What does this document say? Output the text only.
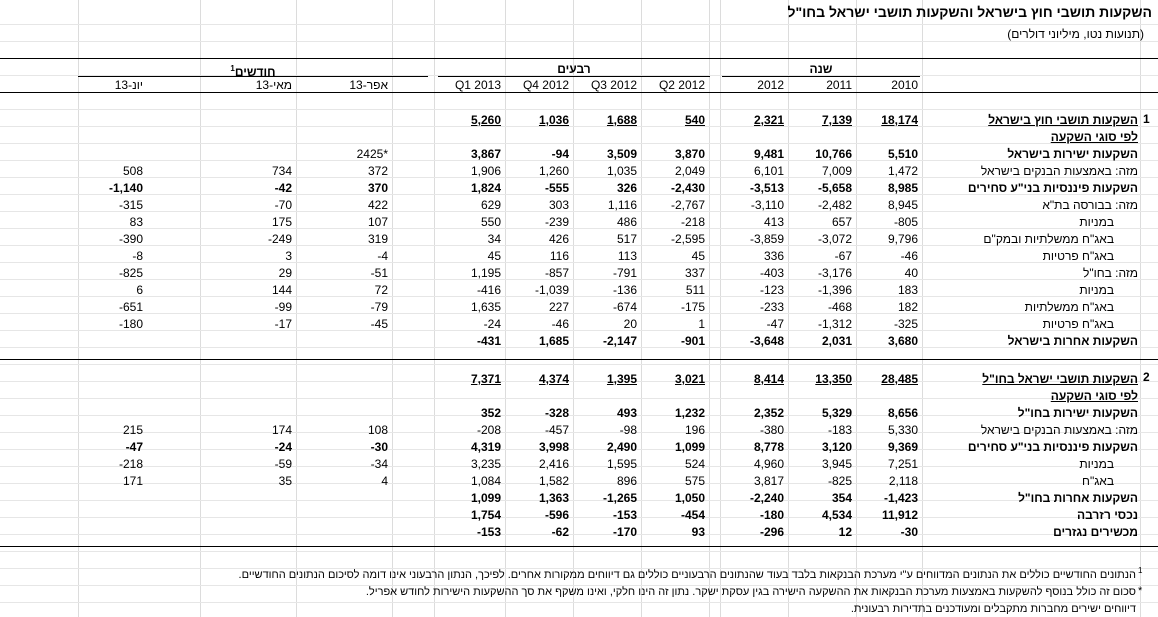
השקעות תושבי חוץ בישראל והשקעות תושבי ישראל בחו"ל
(תנועות נטו, מיליוני דולרים)
שנה
רבעים
חודשים$^1$
2010
2011
2012
Q2 2012
Q3 2012
Q4 2012
Q1 2013
אפר-13
מאי-13
יונ-13
1
2
השקעות תושבי חוץ בישראל
18,174
7,139
2,321
540
1,688
1,036
5,260
לפי סוגי השקעה
השקעות ישירות בישראל
5,510
10,766
9,481
3,870
3,509
-94
3,867
2425*
מזה: באמצעות הבנקים בישראל
1,472
7,009
6,101
2,049
1,035
1,260
1,906
372
734
508
השקעות פיננסיות בני"ע סחירים
8,985
-5,658
-3,513
-2,430
326
-555
1,824
370
-42
-1,140
מזה: בבורסה בת"א
8,945
-2,482
-3,110
-2,767
1,116
303
629
422
-70
-315
במניות
-805
657
413
-218
486
-239
550
107
175
83
באג"ח ממשלתיות ובמק"ם
9,796
-3,072
-3,859
-2,595
517
426
34
319
-249
-390
באג"ח פרטיות
-46
-67
336
45
113
116
45
-4
3
-8
מזה: בחו"ל
40
-3,176
-403
337
-791
-857
1,195
-51
29
-825
במניות
183
-1,396
-123
511
-136
-1,039
-416
72
144
6
באג"ח ממשלתיות
182
-468
-233
-175
-674
227
1,635
-79
-99
-651
באג"ח פרטיות
-325
-1,312
-47
1
20
-46
-24
-45
-17
-180
השקעות אחרות בישראל
3,680
2,031
-3,648
-901
-2,147
1,685
-431
השקעות תושבי ישראל בחו"ל
28,485
13,350
8,414
3,021
1,395
4,374
7,371
לפי סוגי השקעה
השקעות ישירות בחו"ל
8,656
5,329
2,352
1,232
493
-328
352
מזה: באמצעות הבנקים בישראל
5,330
-183
-380
196
-98
-457
-208
108
174
215
השקעות פיננסיות בני"ע סחירים
9,369
3,120
8,778
1,099
2,490
3,998
4,319
-30
-24
-47
במניות
7,251
3,945
4,960
524
1,595
2,416
3,235
-34
-59
-218
באג"ח
2,118
-825
3,817
575
896
1,582
1,084
4
35
171
השקעות אחרות בחו"ל
-1,423
354
-2,240
1,050
-1,265
1,363
1,099
נכסי רזרבה
11,912
4,534
-180
-454
-153
-596
1,754
מכשירים נגזרים
-30
12
-296
93
-170
-62
-153
1
הנתונים החודשיים כוללים את הנתונים המדווחים ע"י מערכת הבנקאות בלבד בעוד שהנתונים הרבעוניים כוללים גם דיווחים ממקורות אחרים. לפיכך, הנתון הרבעוני אינו דומה לסיכום הנתונים החודשיים.
*
סכום זה כולל בנוסף להשקעות באמצעות מערכת הבנקאות את ההשקעה הישירה בגין עסקת ישקר. נתון זה הינו חלקי, ואינו משקף את סך ההשקעות הישירות לחודש אפריל.
דיווחים ישירים מחברות מתקבלים ומעודכנים בתדירות רבעונית.
